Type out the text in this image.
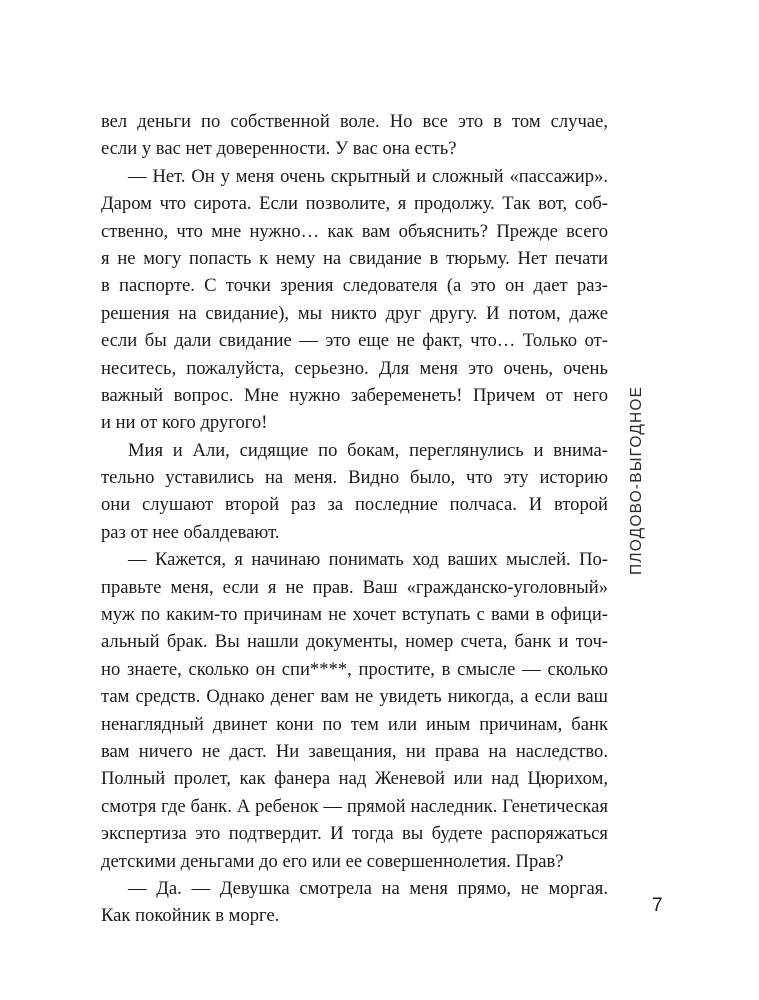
вел деньги по собственной воле. Но все это в том случае,
если у вас нет доверенности. У вас она есть?
— Нет. Он у меня очень скрытный и сложный «пассажир».
Даром что сирота. Если позволите, я продолжу. Так вот, соб-
ственно, что мне нужно… как вам объяснить? Прежде всего
я не могу попасть к нему на свидание в тюрьму. Нет печати
в паспорте. С точки зрения следователя (а это он дает раз-
решения на свидание), мы никто друг другу. И потом, даже
если бы дали свидание — это еще не факт, что… Только от-
неситесь, пожалуйста, серьезно. Для меня это очень, очень
важный вопрос. Мне нужно забеременеть! Причем от него
и ни от кого другого!
Мия и Али, сидящие по бокам, переглянулись и внима-
тельно уставились на меня. Видно было, что эту историю
они слушают второй раз за последние полчаса. И второй
раз от нее обалдевают.
— Кажется, я начинаю понимать ход ваших мыслей. По-
правьте меня, если я не прав. Ваш «гражданско-уголовный»
муж по каким-то причинам не хочет вступать с вами в офици-
альный брак. Вы нашли документы, номер счета, банк и точ-
но знаете, сколько он спи****, простите, в смысле — сколько
там средств. Однако денег вам не увидеть никогда, а если ваш
ненаглядный двинет кони по тем или иным причинам, банк
вам ничего не даст. Ни завещания, ни права на наследство.
Полный пролет, как фанера над Женевой или над Цюрихом,
смотря где банк. А ребенок — прямой наследник. Генетическая
экспертиза это подтвердит. И тогда вы будете распоряжаться
детскими деньгами до его или ее совершеннолетия. Прав?
— Да. — Девушка смотрела на меня прямо, не моргая.
Как покойник в морге.
ПЛОДОВО-ВЫГОДНОЕ
7
